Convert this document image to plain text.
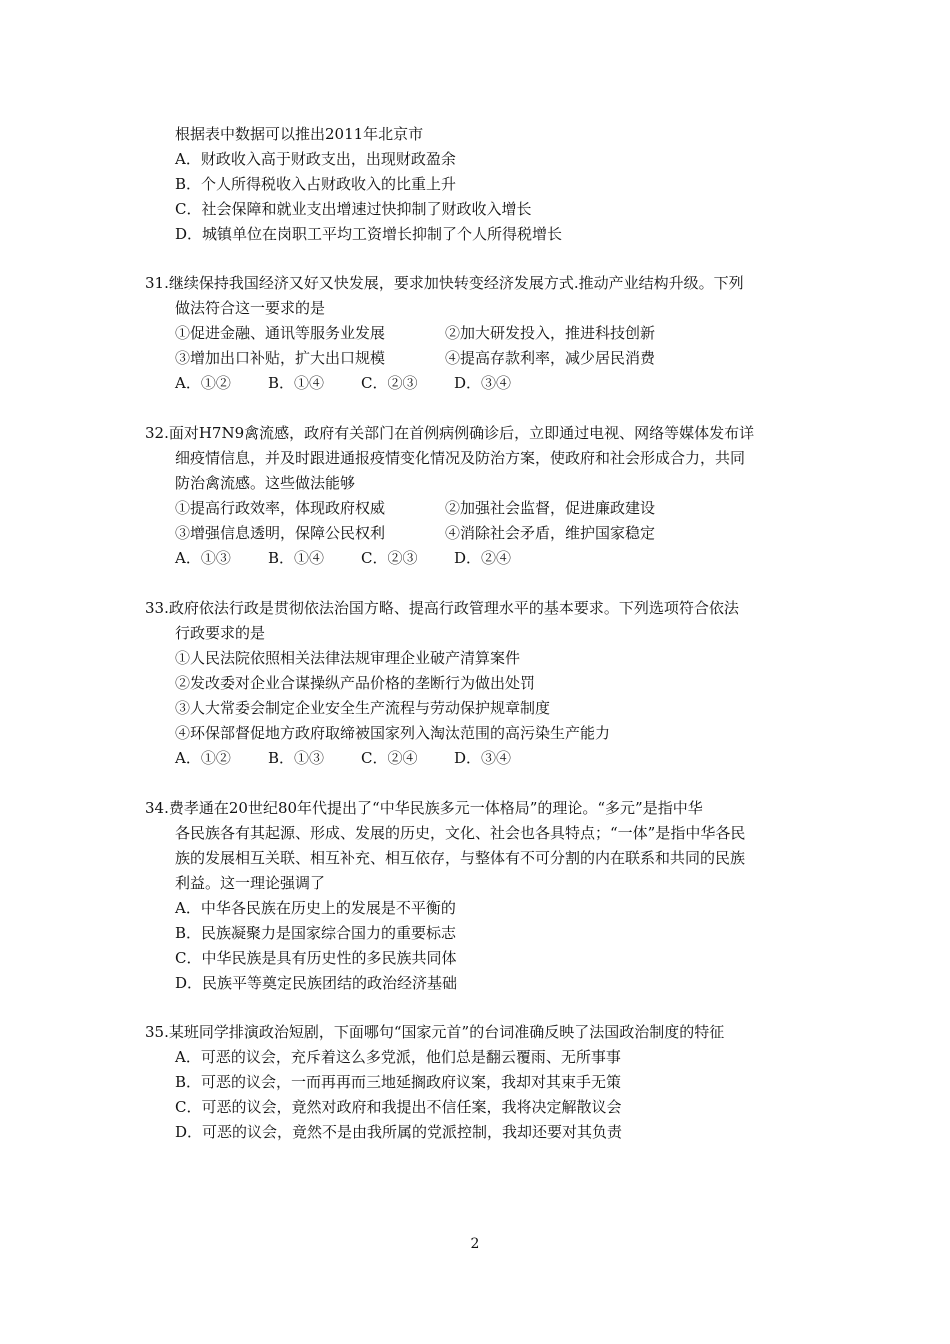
根据表中数据可以推出2011年北京市
A．财政收入高于财政支出，出现财政盈余
B．个人所得税收入占财政收入的比重上升
C．社会保障和就业支出增速过快抑制了财政收入增长
D．城镇单位在岗职工平均工资增长抑制了个人所得税增长
31.继续保持我国经济又好又快发展，要求加快转变经济发展方式.推动产业结构升级。下列
做法符合这一要求的是
①促进金融、通讯等服务业发展	②加大研发投入，推进科技创新
③增加出口补贴，扩大出口规模	④提高存款利率，减少居民消费
A．①② B．①④ C．②③ D．③④
32.面对H7N9禽流感，政府有关部门在首例病例确诊后，立即通过电视、网络等媒体发布详
细疫情信息，并及时跟进通报疫情变化情况及防治方案，使政府和社会形成合力，共同
防治禽流感。这些做法能够
①提高行政效率，体现政府权威	②加强社会监督，促进廉政建设
③增强信息透明，保障公民权利	④消除社会矛盾，维护国家稳定
A．①③ B．①④ C．②③ D．②④
33.政府依法行政是贯彻依法治国方略、提高行政管理水平的基本要求。下列选项符合依法
行政要求的是
①人民法院依照相关法律法规审理企业破产清算案件
②发改委对企业合谋操纵产品价格的垄断行为做出处罚
③人大常委会制定企业安全生产流程与劳动保护规章制度
④环保部督促地方政府取缔被国家列入淘汰范围的高污染生产能力
A．①② B．①③ C．②④ D．③④
34.费孝通在20世纪80年代提出了“中华民族多元一体格局”的理论。“多元”是指中华
各民族各有其起源、形成、发展的历史，文化、社会也各具特点；“一体”是指中华各民
族的发展相互关联、相互补充、相互依存，与整体有不可分割的内在联系和共同的民族
利益。这一理论强调了
A．中华各民族在历史上的发展是不平衡的
B．民族凝聚力是国家综合国力的重要标志
C．中华民族是具有历史性的多民族共同体
D．民族平等奠定民族团结的政治经济基础
35.某班同学排演政治短剧，下面哪句“国家元首”的台词准确反映了法国政治制度的特征
A．可恶的议会，充斥着这么多党派，他们总是翻云覆雨、无所事事
B．可恶的议会，一而再再而三地延搁政府议案，我却对其束手无策
C．可恶的议会，竟然对政府和我提出不信任案，我将决定解散议会
D．可恶的议会，竟然不是由我所属的党派控制，我却还要对其负责
2
